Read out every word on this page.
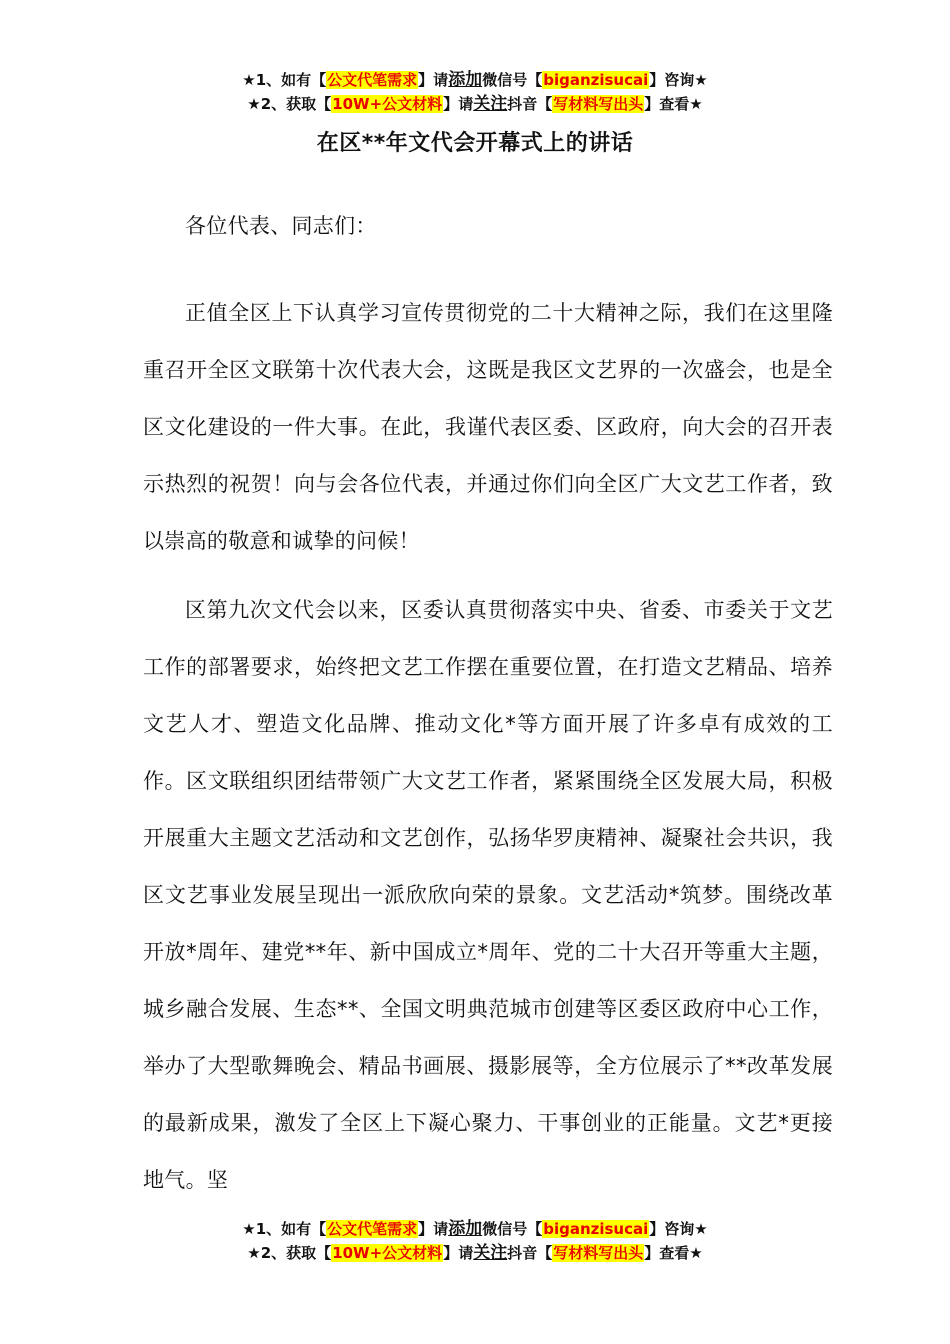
★1、如有【公文代笔需求】请添加微信号【biganzisucai】咨询★
★2、获取【10W+公文材料】请关注抖音【写材料写出头】查看★
在区**年文代会开幕式上的讲话

各位代表、同志们：

正值全区上下认真学习宣传贯彻党的二十大精神之际，我们在这里隆重召开全区文联第十次代表大会，这既是我区文艺界的一次盛会，也是全区文化建设的一件大事。在此，我谨代表区委、区政府，向大会的召开表示热烈的祝贺！向与会各位代表，并通过你们向全区广大文艺工作者，致以崇高的敬意和诚挚的问候！

区第九次文代会以来，区委认真贯彻落实中央、省委、市委关于文艺工作的部署要求，始终把文艺工作摆在重要位置，在打造文艺精品、培养文艺人才、塑造文化品牌、推动文化*等方面开展了许多卓有成效的工作。区文联组织团结带领广大文艺工作者，紧紧围绕全区发展大局，积极开展重大主题文艺活动和文艺创作，弘扬华罗庚精神、凝聚社会共识，我区文艺事业发展呈现出一派欣欣向荣的景象。文艺活动*筑梦。围绕改革开放*周年、建党**年、新中国成立*周年、党的二十大召开等重大主题，城乡融合发展、生态**、全国文明典范城市创建等区委区政府中心工作，举办了大型歌舞晚会、精品书画展、摄影展等，全方位展示了**改革发展的最新成果，激发了全区上下凝心聚力、干事创业的正能量。文艺*更接地气。坚

★1、如有【公文代笔需求】请添加微信号【biganzisucai】咨询★
★2、获取【10W+公文材料】请关注抖音【写材料写出头】查看★
